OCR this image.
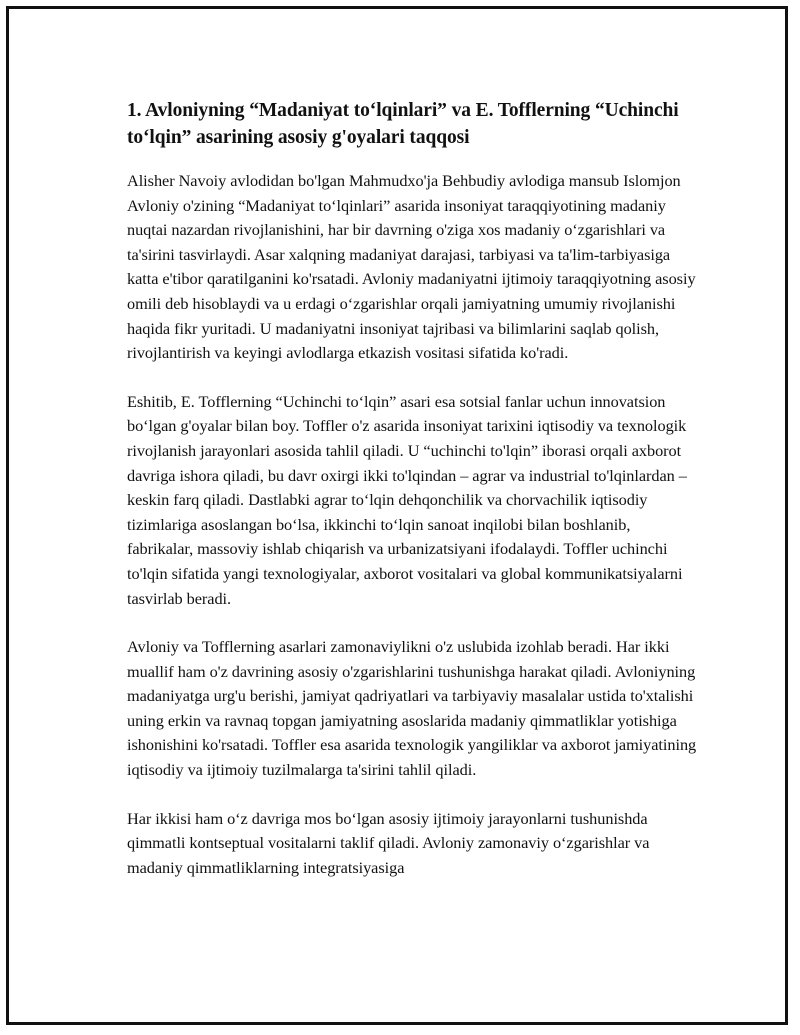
1. Avloniyning “Madaniyat to‘lqinlari” va E. Tofflerning “Uchinchi to‘lqin” asarining asosiy g'oyalari taqqosi

Alisher Navoiy avlodidan bo'lgan Mahmudxo'ja Behbudiy avlodiga mansub Islomjon Avloniy o'zining “Madaniyat to‘lqinlari” asarida insoniyat taraqqiyotining madaniy nuqtai nazardan rivojlanishini, har bir davrning o'ziga xos madaniy o‘zgarishlari va ta'sirini tasvirlaydi. Asar xalqning madaniyat darajasi, tarbiyasi va ta'lim-tarbiyasiga katta e'tibor qaratilganini ko'rsatadi. Avloniy madaniyatni ijtimoiy taraqqiyotning asosiy omili deb hisoblaydi va u erdagi o‘zgarishlar orqali jamiyatning umumiy rivojlanishi haqida fikr yuritadi. U madaniyatni insoniyat tajribasi va bilimlarini saqlab qolish, rivojlantirish va keyingi avlodlarga etkazish vositasi sifatida ko'radi.

Eshitib, E. Tofflerning “Uchinchi to‘lqin” asari esa sotsial fanlar uchun innovatsion bo‘lgan g'oyalar bilan boy. Toffler o'z asarida insoniyat tarixini iqtisodiy va texnologik rivojlanish jarayonlari asosida tahlil qiladi. U “uchinchi to'lqin” iborasi orqali axborot davriga ishora qiladi, bu davr oxirgi ikki to'lqindan – agrar va industrial to'lqinlardan – keskin farq qiladi. Dastlabki agrar to‘lqin dehqonchilik va chorvachilik iqtisodiy tizimlariga asoslangan bo‘lsa, ikkinchi to‘lqin sanoat inqilobi bilan boshlanib, fabrikalar, massoviy ishlab chiqarish va urbanizatsiyani ifodalaydi. Toffler uchinchi to'lqin sifatida yangi texnologiyalar, axborot vositalari va global kommunikatsiyalarni tasvirlab beradi.

Avloniy va Tofflerning asarlari zamonaviylikni o'z uslubida izohlab beradi. Har ikki muallif ham o'z davrining asosiy o'zgarishlarini tushunishga harakat qiladi. Avloniyning madaniyatga urg'u berishi, jamiyat qadriyatlari va tarbiyaviy masalalar ustida to'xtalishi uning erkin va ravnaq topgan jamiyatning asoslarida madaniy qimmatliklar yotishiga ishonishini ko'rsatadi. Toffler esa asarida texnologik yangiliklar va axborot jamiyatining iqtisodiy va ijtimoiy tuzilmalarga ta'sirini tahlil qiladi.

Har ikkisi ham o‘z davriga mos bo‘lgan asosiy ijtimoiy jarayonlarni tushunishda qimmatli kontseptual vositalarni taklif qiladi. Avloniy zamonaviy o‘zgarishlar va madaniy qimmatliklarning integratsiyasiga
